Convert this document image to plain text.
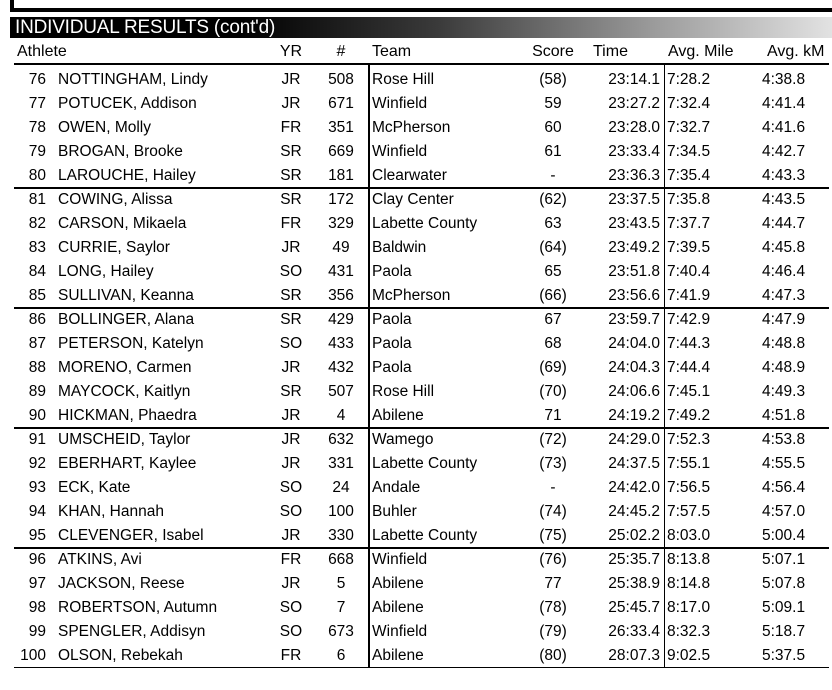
INDIVIDUAL RESULTS (cont'd)
Athlete	YR	#	Team	Score	Time	Avg. Mile Avg. kM
76 NOTTINGHAM, Lindy	JR	508	Rose Hill	(58)	23:14.1 7:28.2	4:38.8
77 POTUCEK, Addison	JR	671	Winfield	59	23:27.2 7:32.4	4:41.4
78 OWEN, Molly	FR	351	McPherson	60	23:28.0 7:32.7	4:41.6
79 BROGAN, Brooke	SR	669	Winfield	61	23:33.4 7:34.5	4:42.7
80 LAROUCHE, Hailey	SR	181	Clearwater	-	23:36.3 7:35.4	4:43.3
81 COWING, Alissa	SR	172	Clay Center	(62)	23:37.5 7:35.8	4:43.5
82 CARSON, Mikaela	FR	329	Labette County	63	23:43.5 7:37.7	4:44.7
83 CURRIE, Saylor	JR	49	Baldwin	(64)	23:49.2 7:39.5	4:45.8
84 LONG, Hailey	SO	431	Paola	65	23:51.8 7:40.4	4:46.4
85 SULLIVAN, Keanna	SR	356	McPherson	(66)	23:56.6 7:41.9	4:47.3
86 BOLLINGER, Alana	SR	429	Paola	67	23:59.7 7:42.9	4:47.9
87 PETERSON, Katelyn	SO	433	Paola	68	24:04.0 7:44.3	4:48.8
88 MORENO, Carmen	JR	432	Paola	(69)	24:04.3 7:44.4	4:48.9
89 MAYCOCK, Kaitlyn	SR	507	Rose Hill	(70)	24:06.6 7:45.1	4:49.3
90 HICKMAN, Phaedra	JR	4	Abilene	71	24:19.2 7:49.2	4:51.8
91 UMSCHEID, Taylor	JR	632	Wamego	(72)	24:29.0 7:52.3	4:53.8
92 EBERHART, Kaylee	JR	331	Labette County	(73)	24:37.5 7:55.1	4:55.5
93 ECK, Kate	SO	24	Andale	-	24:42.0 7:56.5	4:56.4
94 KHAN, Hannah	SO	100	Buhler	(74)	24:45.2 7:57.5	4:57.0
95 CLEVENGER, Isabel	JR	330	Labette County	(75)	25:02.2 8:03.0	5:00.4
96 ATKINS, Avi	FR	668	Winfield	(76)	25:35.7 8:13.8	5:07.1
97 JACKSON, Reese	JR	5	Abilene	77	25:38.9 8:14.8	5:07.8
98 ROBERTSON, Autumn	SO	7	Abilene	(78)	25:45.7 8:17.0	5:09.1
99 SPENGLER, Addisyn	SO	673	Winfield	(79)	26:33.4 8:32.3	5:18.7
100 OLSON, Rebekah	FR	6	Abilene	(80)	28:07.3 9:02.5	5:37.5
